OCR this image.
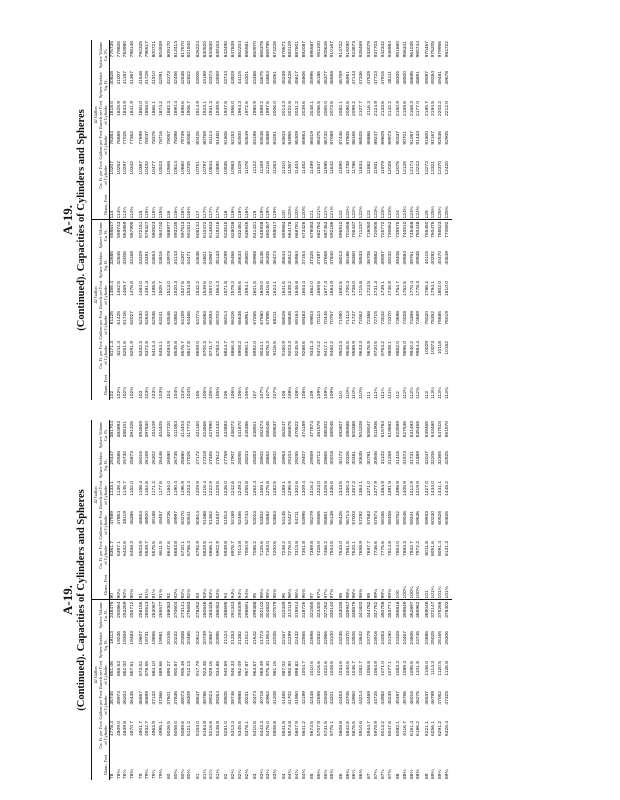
A-19. (Continued). Capacities of Cylinders and Spheres
Diam., Feet	Cu. Ft. per Foot of Cylinder	Gallons per Foot of Cylinder	42 Gallon Barrels per Foot of Cylinder	Sphere Surface Sq. Ft.	Sphere Volume Cu. Ft.	Diam., Feet	Cu. Ft. per Foot of Cylinder	Gallons per Foot of Cylinder	42 Gallon Barrels per Foot of Cylinder	Sphere Surface Sq. Ft.	Sphere Volume Cu. Ft.
78	4778.4	35745	851.06	19113	248475	90	6361.7	47589	1133.1	25447	381704
78¼	4809.0	35974	856.53	19236	250864	90¼	6397.1	47854	1139.4	25588	384893
78½	4839.8	36204	862.00	19359	253269	90½	6432.6	48119	1145.7	25730	388101
78¾	4870.7	36435	867.51	19483	255712	90¾	6468.3	48386	1152.0	25873	391326
79	4901.7	36667	873.02	19607	258155	91	6503.9	48653	1158.4	26016	394569
79¼	4932.7	36899	878.55	19731	260613	91¼	6539.7	48920	1164.8	26159	397830
79½	4963.9	37132	884.10	19856	263087	91½	6575.5	49188	1171.2	26302	401109
79¾	4995.1	37366	889.66	19981	265577	91¾	6611.5	49457	1177.6	26446	404405
80	5026.5	37601	895.27	20106	268083	92	6647.6	49726	1184.0	26590	407720
80¼	5058.0	37836	900.87	20232	270604	92¼	6683.8	49997	1190.4	26735	411053
80½	5089.6	38073	906.49	20358	273141	92½	6720.1	50270	1196.9	26880	414404
80¾	5121.2	38309	912.13	20485	275693	92¾	6756.4	50541	1203.4	27026	417773
81	5153.0	38547	917.79	20612	278262	93	6792.9	50814	1209.9	27172	421160
81¼	5184.9	38786	923.48	20739	280846	93¼	6829.5	51088	1216.4	27318	424566
81½	5216.8	39024	929.16	20867	283446	93½	6866.1	51362	1222.9	27465	427990
81¾	5248.9	39264	934.88	20995	286062	93¾	6902.9	51637	1229.5	27612	431432
82	5281.0	39505	940.59	21124	288695	94	6939.8	51913	1236.0	27759	434893
82¼	5313.3	39746	946.33	21253	291343	94¼	6976.7	52189	1242.6	27907	438372
82½	5345.6	39988	952.09	21382	294009	94½	7013.8	52466	1249.2	28055	441870
82¾	5378.1	40231	957.87	21512	296691	94¾	7050.9	52744	1255.8	28204	445386
83	5410.6	40474	963.67	21642	299388	95	7088.2	53023	1262.4	28353	448921
83¼	5443.3	40718	969.49	21773	302102	95¼	7125.6	53302	1269.1	28502	452474
83½	5476.0	40962	975.30	21904	304832	95½	7163.0	53582	1275.8	28652	456046
83¾	5508.8	41208	981.15	22035	307579	95¾	7200.6	53863	1282.5	28802	459637
84	5541.8	41455	987.02	22167	310339	96	7238.2	54145	1289.1	28953	463247
84¼	5574.8	41702	992.90	22299	313119	96¼	7276.0	54427	1295.9	29104	466875
84½	5607.9	41950	998.82	22432	315914	96½	7313.8	54711	1302.6	29255	470522
84¾	5641.2	42199	1004.7	22565	318726	96¾	7351.8	54995	1309.4	29407	474189
85	5674.5	42448	1010.6	22698	321555	97	7389.8	55279	1316.2	29559	477874
85¼	5707.9	42698	1016.6	22832	324400	97¼	7428.0	55565	1323.0	29712	481579
85½	5741.5	42949	1022.6	22966	327262	97½	7466.2	55851	1329.8	29865	485302
85¾	5775.1	43201	1028.6	23100	330140	97¾	7504.5	56138	1336.6	30018	489045
86	5808.8	43453	1034.6	23235	333035	98	7543.0	56425	1343.5	30172	492807
86¼	5842.6	43706	1040.6	23370	335947	98¼	7581.5	56714	1350.3	30326	496588
86½	5876.5	43960	1046.7	23506	338875	98½	7620.1	57003	1357.2	30481	500388
86¾	5910.6	44214	1052.7	23642	341820	98¾	7658.9	57292	1364.1	30635	504208
87	5944.7	44469	1058.8	23779	344782	99	7697.7	57583	1371.0	30791	508047
87¼	5978.9	44725	1064.9	23916	347762	99¼	7736.6	57874	1377.9	30946	511906
87½	6013.2	44982	1071.0	24053	350758	99½	7775.6	58166	1384.9	31102	515784
87¾	6047.6	45239	1077.1	24190	353771	99¾	7814.8	58458	1391.9	31259	519682
88	6082.1	45497	1083.3	24328	356818	100	7854.0	58752	1398.9	31416	523599
88¼	6116.7	45756	1089.4	24467	359849	100¼	7893.3	59046	1405.9	31573	527536
88½	6151.4	46016	1095.6	24606	362897	100½	7932.7	59341	1412.9	31731	531493
88¾	6186.2	46276	1101.8	24745	365962	100¾	7972.2	59636	1419.9	31889	535468
89	6221.1	46537	1108.0	24885	369046	101	8011.8	59933	1427.0	32047	539465
89¼	6256.1	46799	1114.3	25025	372147	101¼	8051.6	60230	1434.0	32206	543480
89½	6291.2	47062	1120.5	25165	375266	101½	8091.4	60528	1441.1	32365	547515
89¾	6326.4	47325	1126.8	25306	378403	101¾	8131.3	60826	1448.2	32525	551570
A-19. (Continued). Capacities of Cylinders and Spheres
Diam., Feet	Cu. Ft. per Foot of Cylinder	Gallons per Foot of Cylinder	42 Gallon Barrels per Foot of Cylinder	Sphere Surface Sq. Ft.	Sphere Volume Cu. Ft.	Diam., Feet	Cu. Ft. per Foot of Cylinder	Gallons per Foot of Cylinder	42 Gallon Barrels per Foot of Cylinder	Sphere Surface Sq. Ft.	Sphere Volume Cu. Ft.
102	8171.3	61125	1455.4	32685	555647	114	10207	76354	1818.0	40828	775735
102¼	8211.4	61425	1462.5	32846	559743	114¼	10252	76689	1825.9	41007	779826
102½	8251.6	61726	1469.7	33006	563859	114½	10297	77025	1833.9	41187	783980
102¾	8291.9	62027	1476.8	33168	567995	114¾	10342	77362	1841.9	41367	788146
103	8332.3	62330	1484.0	33329	572151	115	10387	77699	1850.0	41548	792325
103¼	8372.8	62633	1491.3	33491	576327	115¼	10432	78037	1858.0	41728	796517
103½	8413.4	62936	1498.5	33654	580523	115½	10477	78376	1866.1	41910	800721
103¾	8454.1	63241	1505.7	33816	584740	115¾	10523	78716	1874.2	42091	804939
104	8494.9	63546	1513.0	33979	588977	116	10568	79057	1882.3	42273	809170
104¼	8535.8	63852	1520.3	34143	593235	116¼	10614	79398	1890.4	42456	813413
104½	8576.7	64159	1527.6	34307	597513	116½	10660	79739	1898.6	42638	817670
104¾	8617.8	64466	1534.9	34471	601812	116¾	10705	80082	1906.7	42822	821940
105	8659.0	64774	1542.2	34636	606131	117	10751	80425	1914.9	43005	826224
105¼	8700.3	65083	1549.6	34801	610472	117¼	10797	80769	1923.1	43189	830520
105½	8741.7	65393	1557.0	34967	614833	117½	10844	81114	1931.3	43374	834830
105¾	8783.2	65703	1564.3	35133	619216	117¾	10890	81460	1939.5	43559	839153
106	8824.7	66014	1571.8	35299	623615	118	10936	81806	1947.8	43744	843490
106¼	8866.4	66326	1579.2	35466	628038	118¼	10983	82152	1956.0	43929	847839
106½	8908.2	66638	1586.6	35633	632481	118½	11029	82500	1964.3	44115	852204
106¾	8950.1	66951	1594.1	35800	636945	118¾	11076	82849	1972.6	44301	856581
107	8992.0	67265	1601.5	35968	641431	119	11122	83198	1980.9	44488	860970
107¼	9034.1	67580	1609.0	36136	645938	119¼	11169	83548	1989.2	44675	865378
107½	9076.3	67895	1616.6	36305	650467	119½	11216	83899	1997.6	44863	869795
107¾	9118.5	68211	1624.1	36474	655017	119¾	11263	84251	2006.0	45051	874226
108	9160.9	68528	1631.6	36644	659584	120	11310	84603	2014.3	45239	878671
108¼	9203.3	68845	1639.2	36813	664178	120¼	11357	84956	2022.8	45428	883129
108½	9245.9	69164	1646.8	36984	668791	120½	11404	85309	2031.2	45617	887601
108¾	9288.6	69483	1654.4	37154	673426	120¾	11452	85664	2039.6	45806	892087
109	9331.3	69803	1662.0	37325	678083	121	11499	86019	2048.1	45996	896587
109¼	9374.2	70124	1669.6	37497	682762	121¼	11547	86375	2056.5	46186	901100
109½	9417.1	70445	1677.3	37668	687463	121½	11595	86732	2065.0	46377	905626
109¾	9460.2	70767	1684.9	37840	692186	121¾	11642	87089	2073.6	46568	910167
110	9503.3	71090	1692.6	38013	696910	122	11690	87446	2082.1	46759	914722
110¼	9546.5	71413	1700.3	38186	701658	122¼	11738	87805	2090.6	46951	919290
110½	9589.9	71737	1708.0	38360	706437	122½	11786	88165	2099.2	47144	923873
110¾	9633.3	72062	1715.8	38533	711237	122¾	11834	88525	2107.7	47336	928469
111	9676.9	72388	1723.5	38708	716060	123	11882	88886	2116.3	47529	933079
111¼	9720.5	72715	1731.3	38882	720905	123¼	11931	89247	2124.9	47723	937703
111½	9764.2	73042	1739.1	39057	725772	123½	11979	89609	2133.6	47916	942342
111¾	9808.1	73370	1746.9	39232	730662	123¾	12028	89973	2142.2	48111	946994
112	9852.0	73698	1754.7	39408	735575	124	12076	90337	2150.9	48305	951660
112¼	9896.0	74028	1762.6	39584	740510	124¼	12125	90701	2159.6	48500	956341
112½	9940.2	74358	1770.4	39761	745468	124½	12174	91067	2168.3	48695	961035
112¾	9984.4	74689	1778.3	39938	750448	124¾	12223	91433	2177.0	48891	965744
113	10029	75020	1786.2	40115	755450	125	12272	91800	2185.7	49087	970467
113¼	10073	75352	1794.1	40292	760475	125¼	12321	92167	2194.5	49284	975205
113½	10118	75685	1802.0	40470	765523	125½	12370	92536	2203.2	49481	979956
113¾	10162	76019	1810.0	40649	770592	125¾	12420	92905	2212.0	49678	984722
